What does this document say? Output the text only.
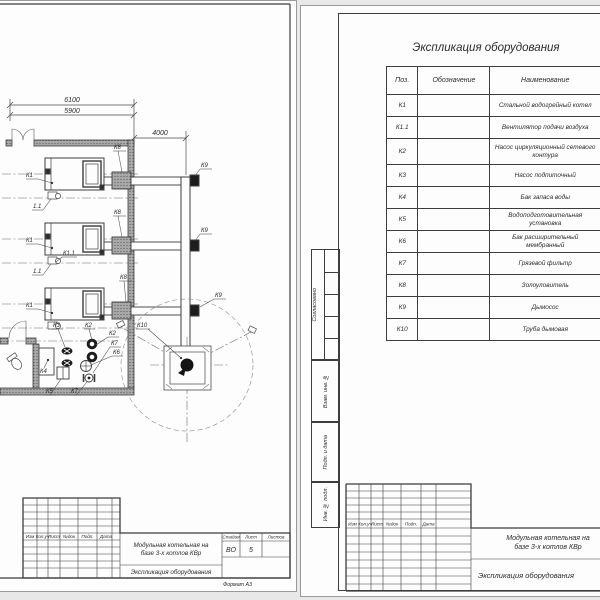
6100
5900
4000
К1
К1
К1
1.1
1.1
К1.1
К8
К8
К8
К9
К9
К9
К10
К3	К2
К4
К5	К7
К2
К7
К6
Изм Кол.уч
Лист №док Подп. Дата
Модульная котельная на
базе 3-х котлов КВр
Экспликация оборудования
Стадия Лист Листов
ВО 5
Формат А3
Экспликация оборудования
Поз.	Обозначение	Наименование
К1		Стальной водогрейный котел
К1.1		Вентилятор подачи воздуха
К2		Насос циркуляционный сетевого контура
К3		Насос подпиточный
К4		Бак запаса воды
К5		Водоподготовительная установка
К6		Бак расширительный мембранный
К7		Грязевой фильтр
К8		Золоуловитель
К9		Дымосос
К10		Труба дымовая
Согласовано
Взам. инв. №
Подп. и дата
Инв. № подл.
Изм Кол.уч Лист №док Подп. Дата
Модульная котельная на
базе 3-х котлов КВр
Экспликация оборудования
